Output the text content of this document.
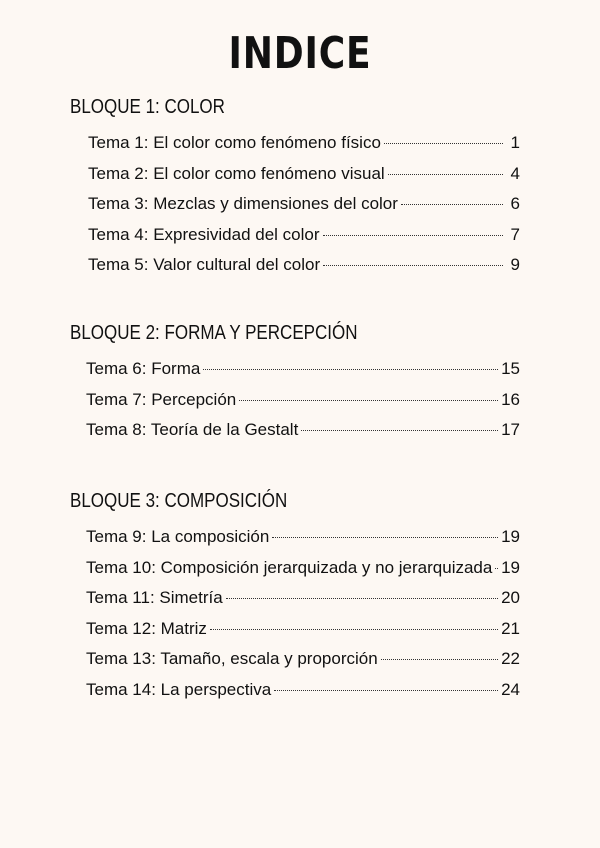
INDICE
BLOQUE 1: COLOR
Tema 1: El color como fenómeno físico	1
Tema 2: El color como fenómeno visual	4
Tema 3: Mezclas y dimensiones del color	6
Tema 4: Expresividad del color	7
Tema 5: Valor cultural del color	9
BLOQUE 2: FORMA Y PERCEPCIÓN
Tema 6: Forma	15
Tema 7: Percepción	16
Tema 8: Teoría de la Gestalt	17
BLOQUE 3: COMPOSICIÓN
Tema 9: La composición	19
Tema 10: Composición jerarquizada y no jerarquizada 19
Tema 11: Simetría	20
Tema 12: Matriz	21
Tema 13: Tamaño, escala y proporción	22
Tema 14: La perspectiva	24
